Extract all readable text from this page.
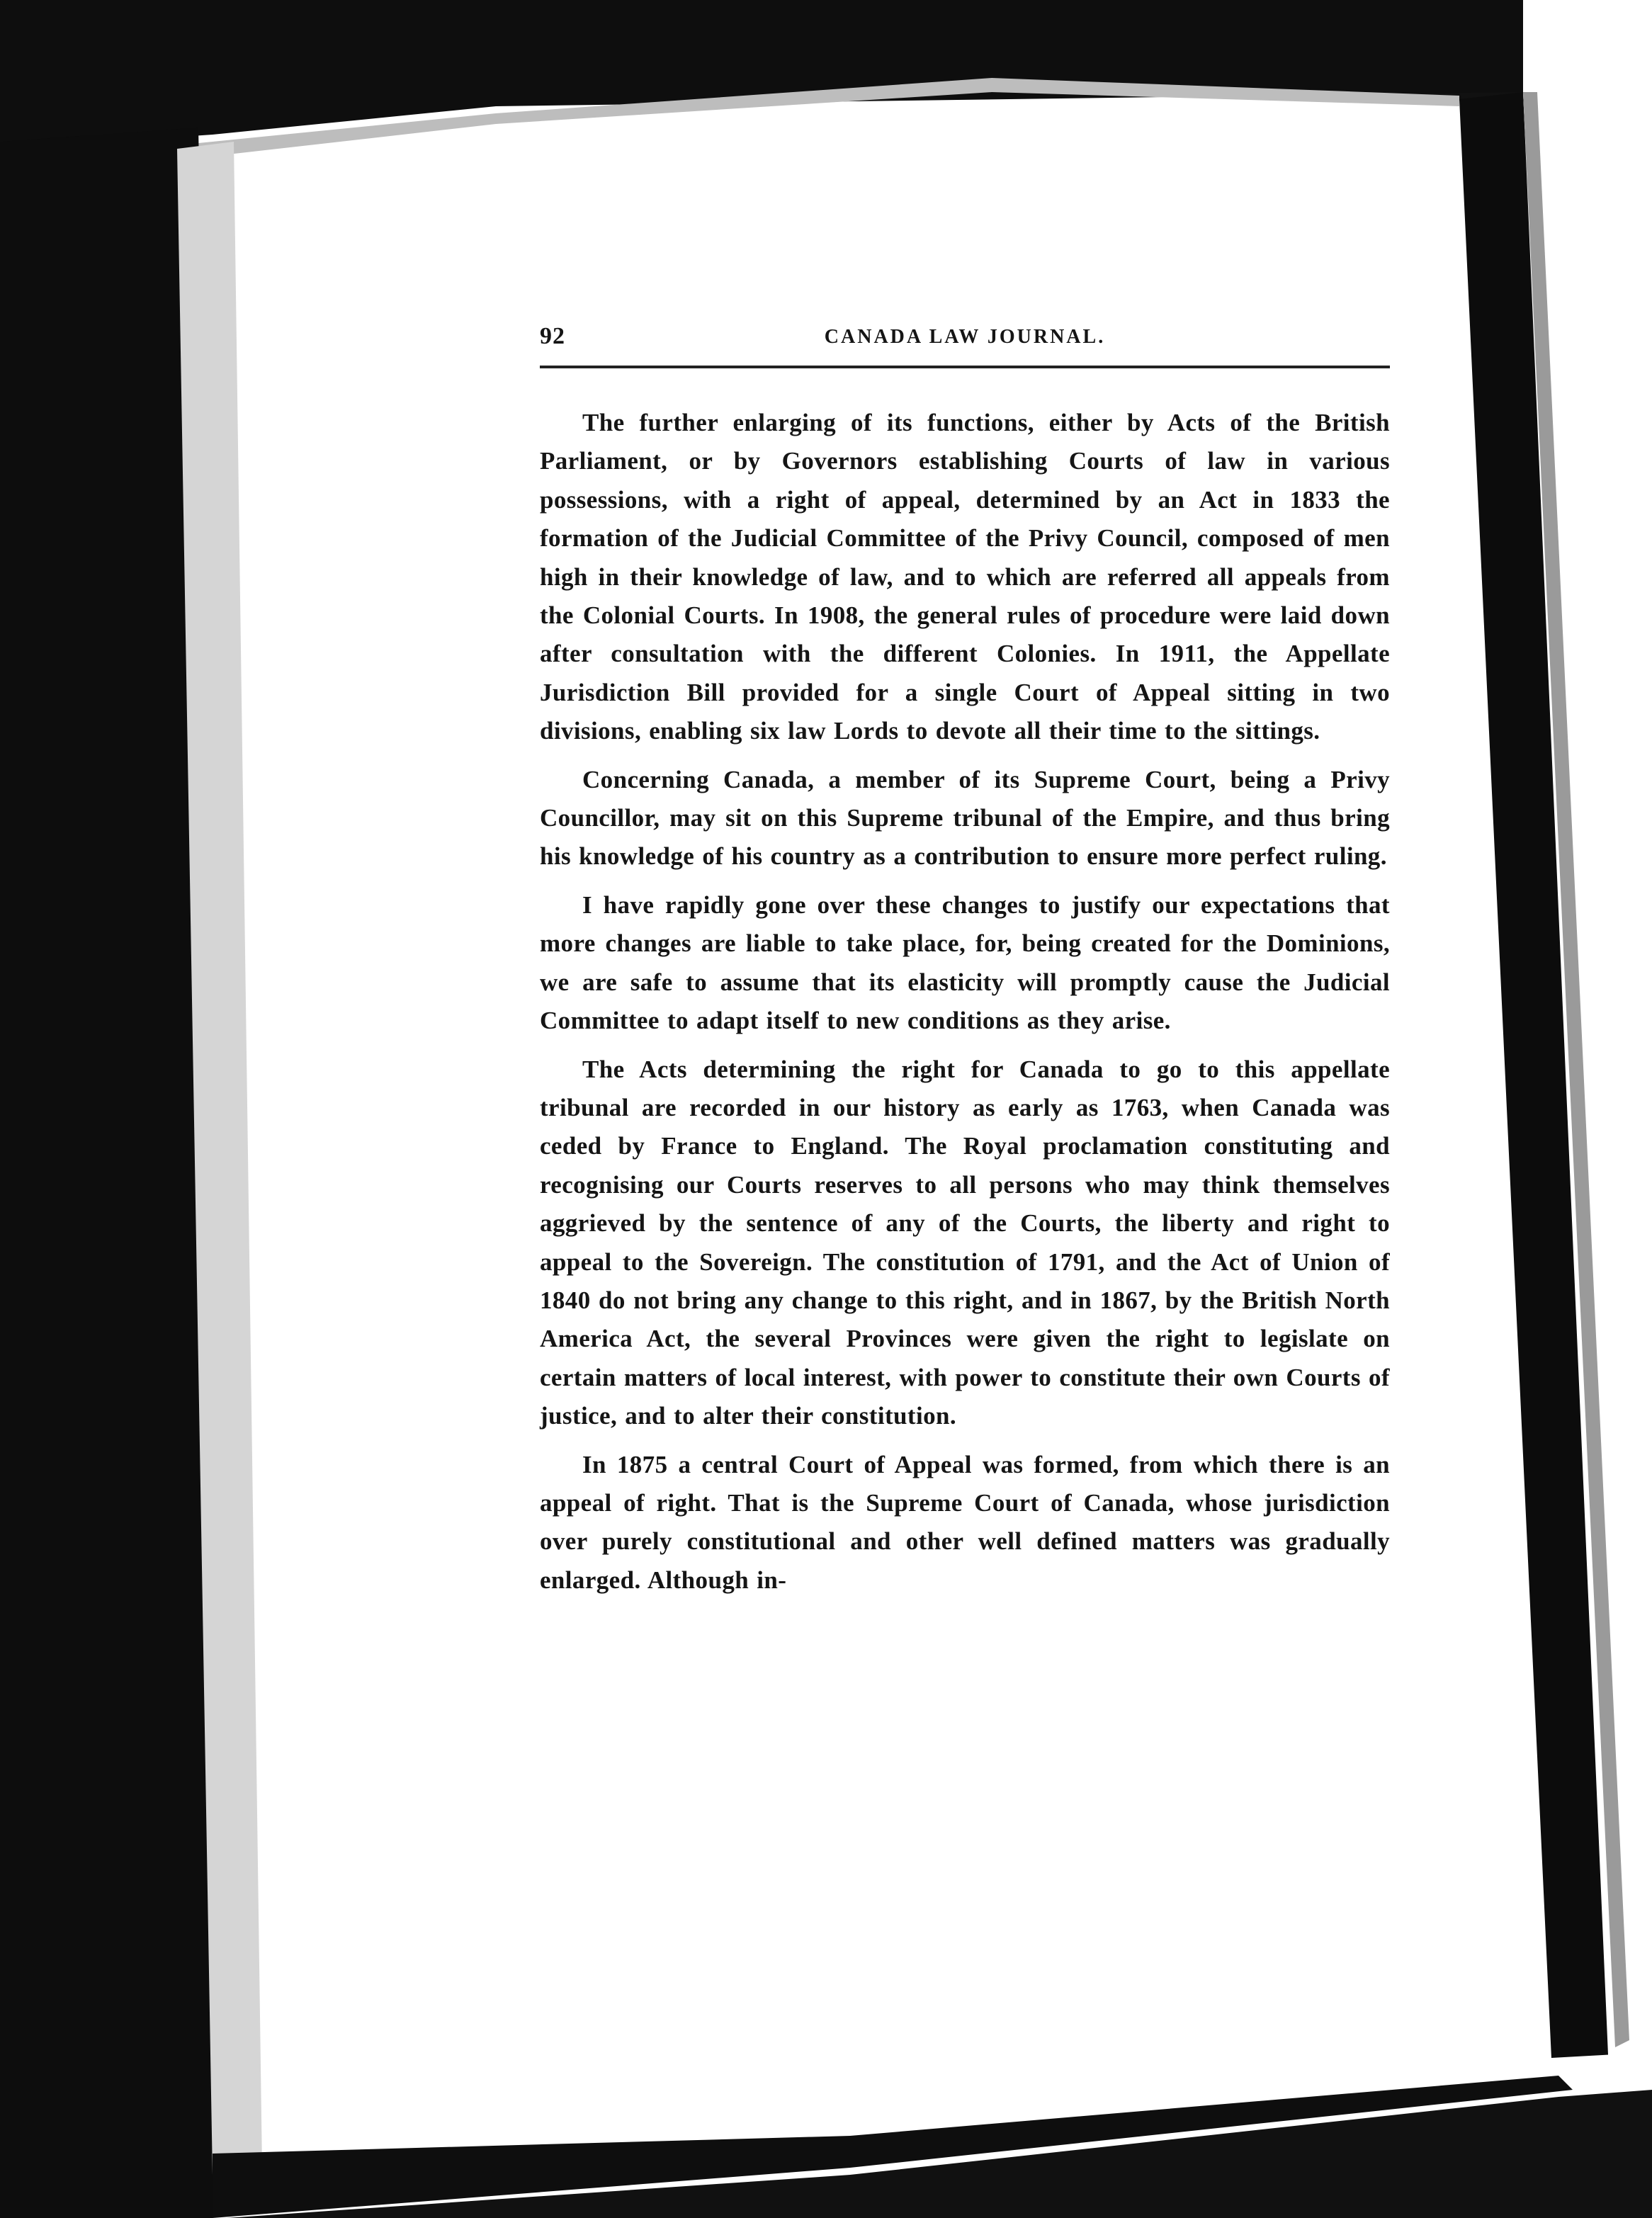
92	CANADA LAW JOURNAL.

The further enlarging of its functions, either by Acts of the British Parliament, or by Governors establishing Courts of law in various possessions, with a right of appeal, determined by an Act in 1833 the formation of the Judicial Committee of the Privy Council, composed of men high in their knowledge of law, and to which are referred all appeals from the Colonial Courts. In 1908, the general rules of procedure were laid down after consultation with the different Colonies. In 1911, the Appellate Jurisdiction Bill provided for a single Court of Appeal sitting in two divisions, enabling six law Lords to devote all their time to the sittings.

Concerning Canada, a member of its Supreme Court, being a Privy Councillor, may sit on this Supreme tribunal of the Empire, and thus bring his knowledge of his country as a contribution to ensure more perfect ruling.

I have rapidly gone over these changes to justify our expectations that more changes are liable to take place, for, being created for the Dominions, we are safe to assume that its elasticity will promptly cause the Judicial Committee to adapt itself to new conditions as they arise.

The Acts determining the right for Canada to go to this appellate tribunal are recorded in our history as early as 1763, when Canada was ceded by France to England. The Royal proclamation constituting and recognising our Courts reserves to all persons who may think themselves aggrieved by the sentence of any of the Courts, the liberty and right to appeal to the Sovereign. The constitution of 1791, and the Act of Union of 1840 do not bring any change to this right, and in 1867, by the British North America Act, the several Provinces were given the right to legislate on certain matters of local interest, with power to constitute their own Courts of justice, and to alter their constitution.

In 1875 a central Court of Appeal was formed, from which there is an appeal of right. That is the Supreme Court of Canada, whose jurisdiction over purely constitutional and other well defined matters was gradually enlarged. Although in-
